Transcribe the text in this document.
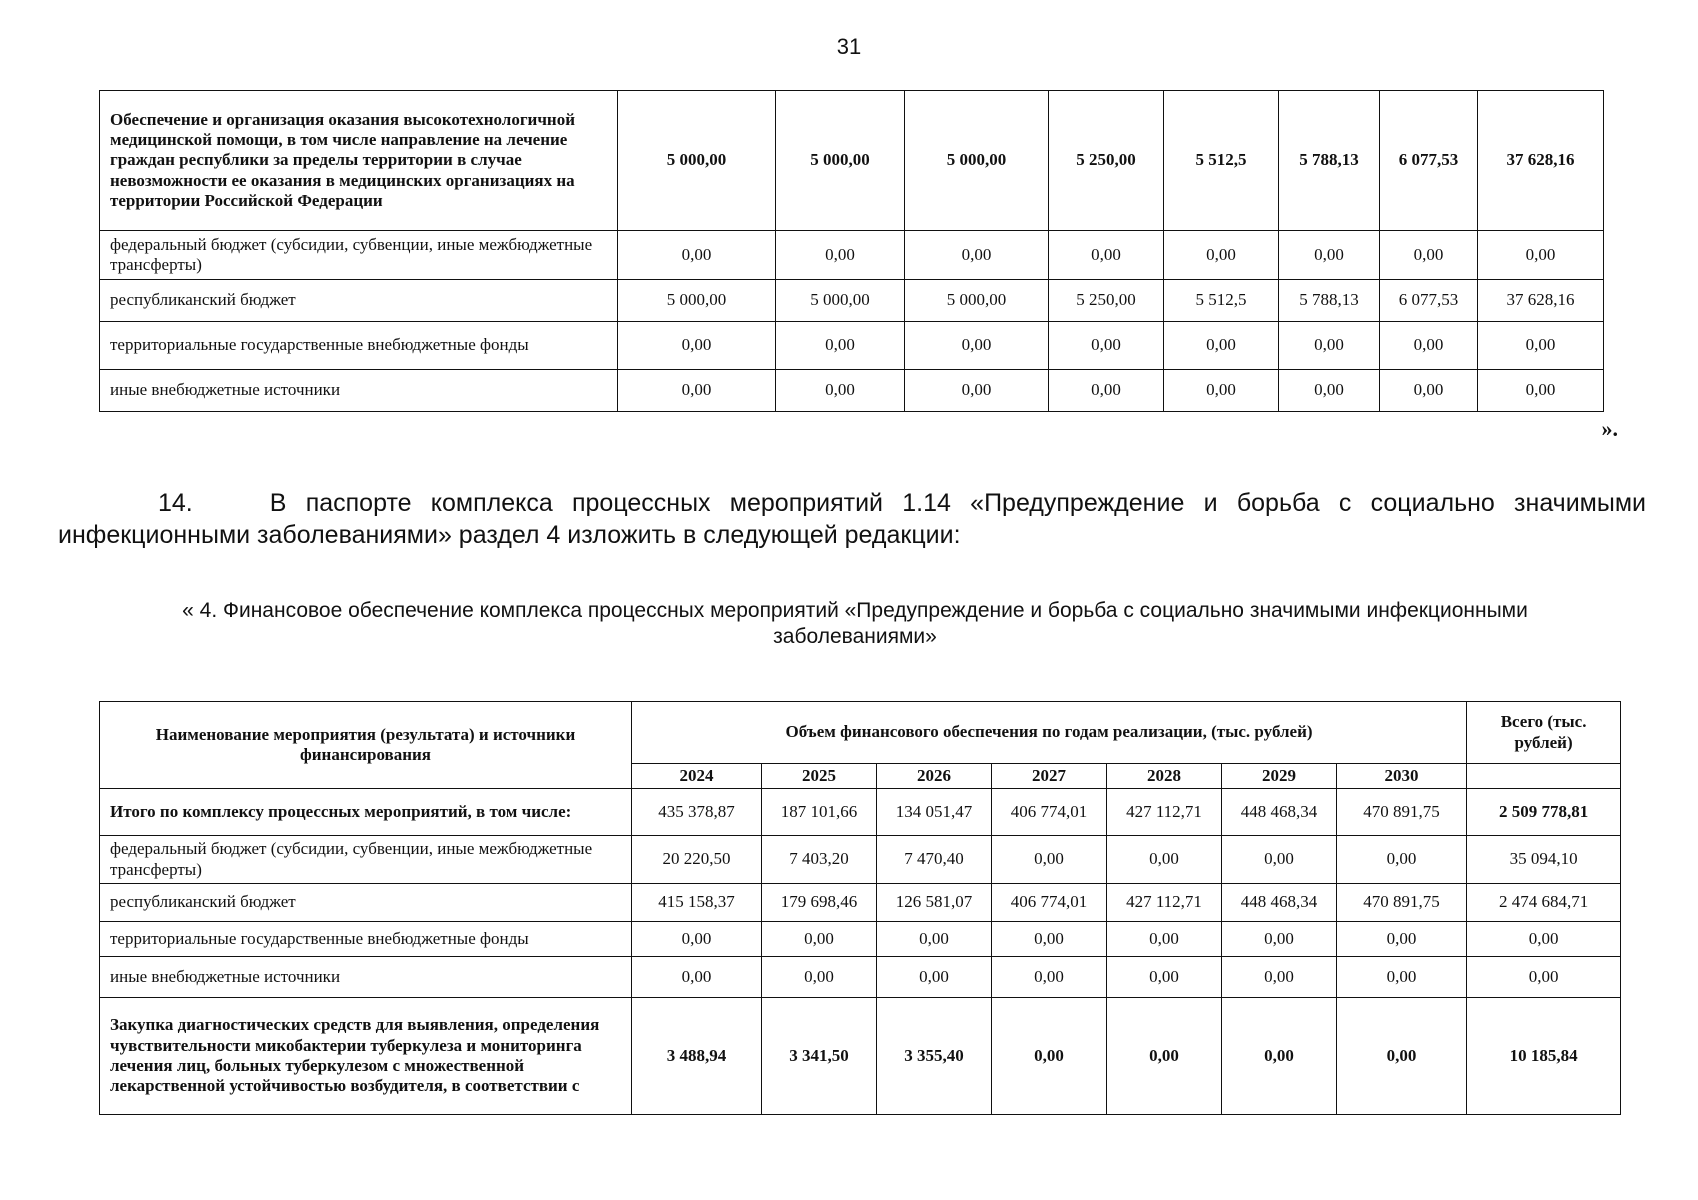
31
Обеспечение и организация оказания высокотехнологичной медицинской помощи, в том числе направление на лечение граждан республики за пределы территории в случае невозможности ее оказания в медицинских организациях на территории Российской Федерации	5 000,00	5 000,00	5 000,00	5 250,00	5 512,5	5 788,13	6 077,53	37 628,16
федеральный бюджет (субсидии, субвенции, иные межбюджетные трансферты)	0,00	0,00	0,00	0,00	0,00	0,00	0,00	0,00
республиканский бюджет	5 000,00	5 000,00	5 000,00	5 250,00	5 512,5	5 788,13	6 077,53	37 628,16
территориальные государственные внебюджетные фонды	0,00	0,00	0,00	0,00	0,00	0,00	0,00	0,00
иные внебюджетные источники	0,00	0,00	0,00	0,00	0,00	0,00	0,00	0,00
».
14.	В паспорте комплекса процессных мероприятий 1.14 «Предупреждение и борьба с социально значимыми инфекционными заболеваниями» раздел 4 изложить в следующей редакции:
« 4. Финансовое обеспечение комплекса процессных мероприятий «Предупреждение и борьба с социально значимыми инфекционными заболеваниями»
Наименование мероприятия (результата) и источники финансирования	Объем финансового обеспечения по годам реализации, (тыс. рублей)							Всего (тыс. рублей)
	2024	2025	2026	2027	2028	2029	2030	
Итого по комплексу процессных мероприятий, в том числе:	435 378,87	187 101,66	134 051,47	406 774,01	427 112,71	448 468,34	470 891,75	2 509 778,81
федеральный бюджет (субсидии, субвенции, иные межбюджетные трансферты)	20 220,50	7 403,20	7 470,40	0,00	0,00	0,00	0,00	35 094,10
республиканский бюджет	415 158,37	179 698,46	126 581,07	406 774,01	427 112,71	448 468,34	470 891,75	2 474 684,71
территориальные государственные внебюджетные фонды	0,00	0,00	0,00	0,00	0,00	0,00	0,00	0,00
иные внебюджетные источники	0,00	0,00	0,00	0,00	0,00	0,00	0,00	0,00
Закупка диагностических средств для выявления, определения чувствительности микобактерии туберкулеза и мониторинга лечения лиц, больных туберкулезом с множественной лекарственной устойчивостью возбудителя, в соответствии с	3 488,94	3 341,50	3 355,40	0,00	0,00	0,00	0,00	10 185,84
